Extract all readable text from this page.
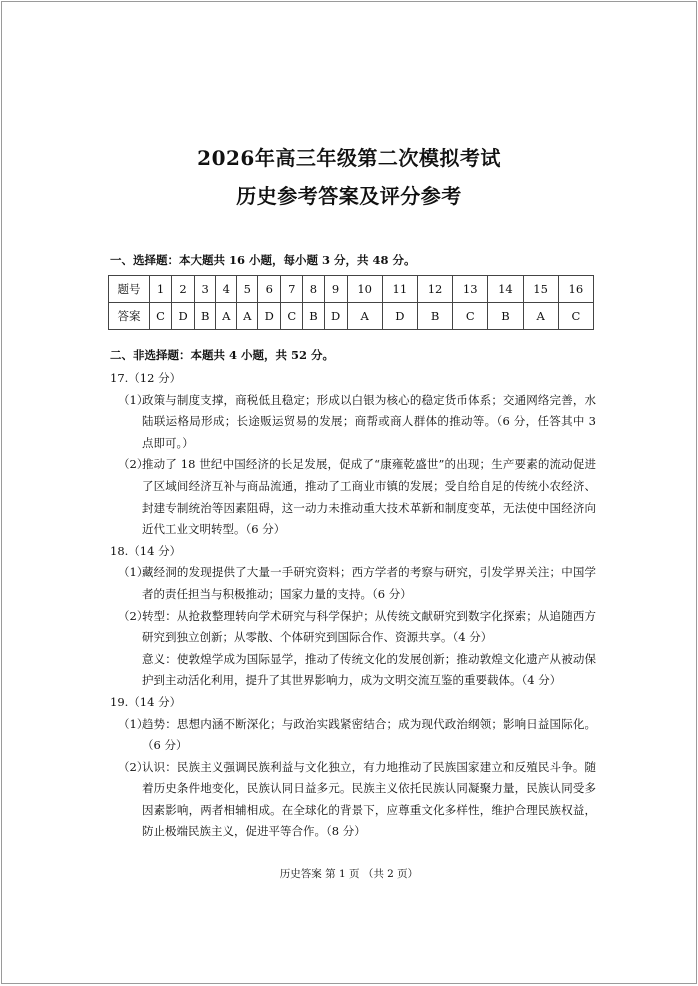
2026年高三年级第二次模拟考试
历史参考答案及评分参考
一、选择题：本大题共 16 小题，每小题 3 分，共 48 分。
题号	1	2	3	4	5	6	7	8	9	10	11	12	13	14	15	16
答案	C	D	B	A	A	D	C	B	D	A	D	B	C	B	A	C
二、非选择题：本题共 4 小题，共 52 分。

17.（12 分）

（1）

政策与制度支撑，商税低且稳定；形成以白银为核心的稳定货币体系；交通网络完善，水陆联运格局形成；长途贩运贸易的发展；商帮或商人群体的推动等。（6 分，任答其中 3 点即可。）

（2）

推动了 18 世纪中国经济的长足发展，促成了“康雍乾盛世”的出现；生产要素的流动促进了区域间经济互补与商品流通，推动了工商业市镇的发展；受自给自足的传统小农经济、封建专制统治等因素阻碍，这一动力未推动重大技术革新和制度变革，无法使中国经济向近代工业文明转型。（6 分）

18.（14 分）

（1）

藏经洞的发现提供了大量一手研究资料；西方学者的考察与研究，引发学界关注；中国学者的责任担当与积极推动；国家力量的支持。（6 分）

（2）

转型：从抢救整理转向学术研究与科学保护；从传统文献研究到数字化探索；从追随西方研究到独立创新；从零散、个体研究到国际合作、资源共享。（4 分）

意义：使敦煌学成为国际显学，推动了传统文化的发展创新；推动敦煌文化遗产从被动保护到主动活化利用，提升了其世界影响力，成为文明交流互鉴的重要载体。（4 分）

19.（14 分）

（1）

趋势：思想内涵不断深化；与政治实践紧密结合；成为现代政治纲领；影响日益国际化。（6 分）

（2）

认识：民族主义强调民族利益与文化独立，有力地推动了民族国家建立和反殖民斗争。随着历史条件地变化，民族认同日益多元。民族主义依托民族认同凝聚力量，民族认同受多因素影响，两者相辅相成。在全球化的背景下，应尊重文化多样性，维护合理民族权益，防止极端民族主义，促进平等合作。（8 分）

历史答案 第 1 页 （共 2 页）
